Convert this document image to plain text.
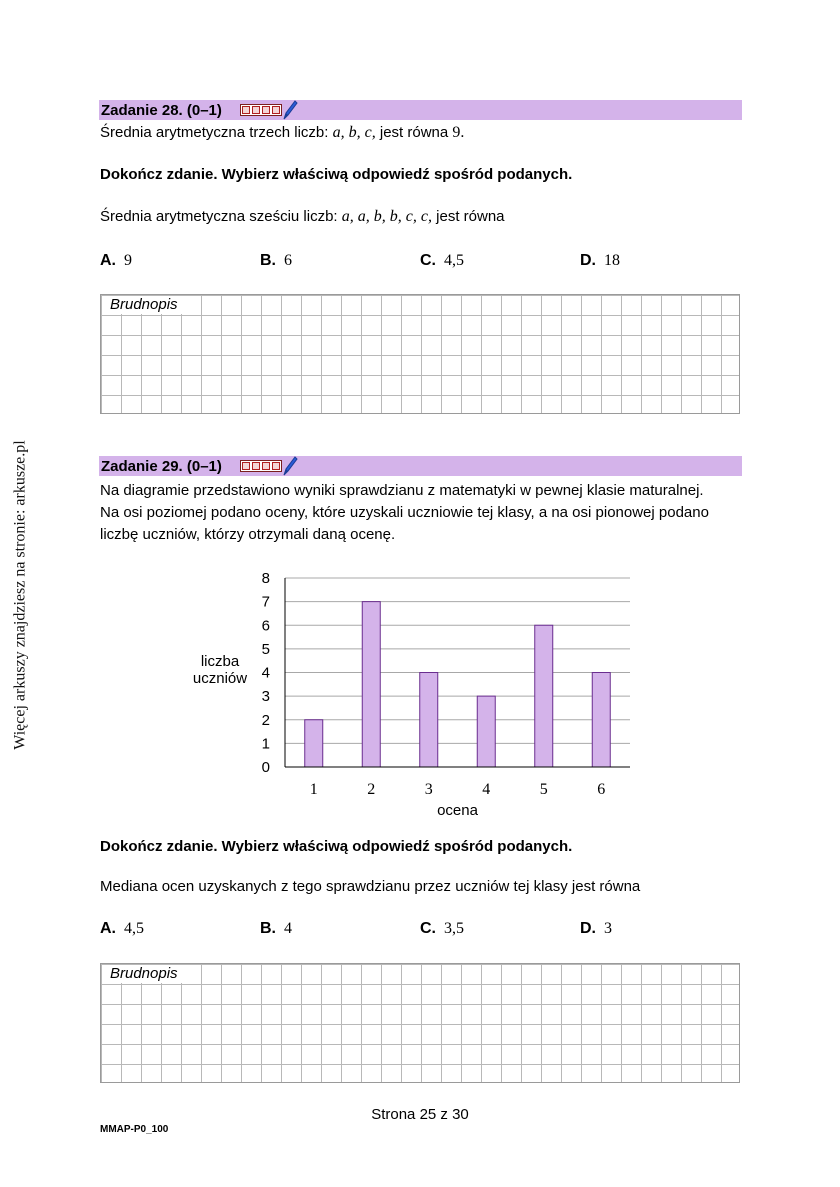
Więcej arkuszy znajdziesz na stronie: arkusze.pl
Zadanie 28. (0–1)
Średnia arytmetyczna trzech liczb: a, b, c, jest równa 9.
Dokończ zdanie. Wybierz właściwą odpowiedź spośród podanych.
Średnia arytmetyczna sześciu liczb: a, a, b, b, c, c, jest równa
A. 9	B. 6	C. 4,5	D. 18
Brudnopis
Zadanie 29. (0–1)
Na diagramie przedstawiono wyniki sprawdzianu z matematyki w pewnej klasie maturalnej.
Na osi poziomej podano oceny, które uzyskali uczniowie tej klasy, a na osi pionowej podano
liczbę uczniów, którzy otrzymali daną ocenę.
0
1
2
3
4
5
6
7
8
1	2	3	4	5	6
ocena
liczba
uczniów
Dokończ zdanie. Wybierz właściwą odpowiedź spośród podanych.
Mediana ocen uzyskanych z tego sprawdzianu przez uczniów tej klasy jest równa
A. 4,5	B. 4	C. 3,5	D. 3
Brudnopis
Strona 25 z 30
MMAP-P0_100
